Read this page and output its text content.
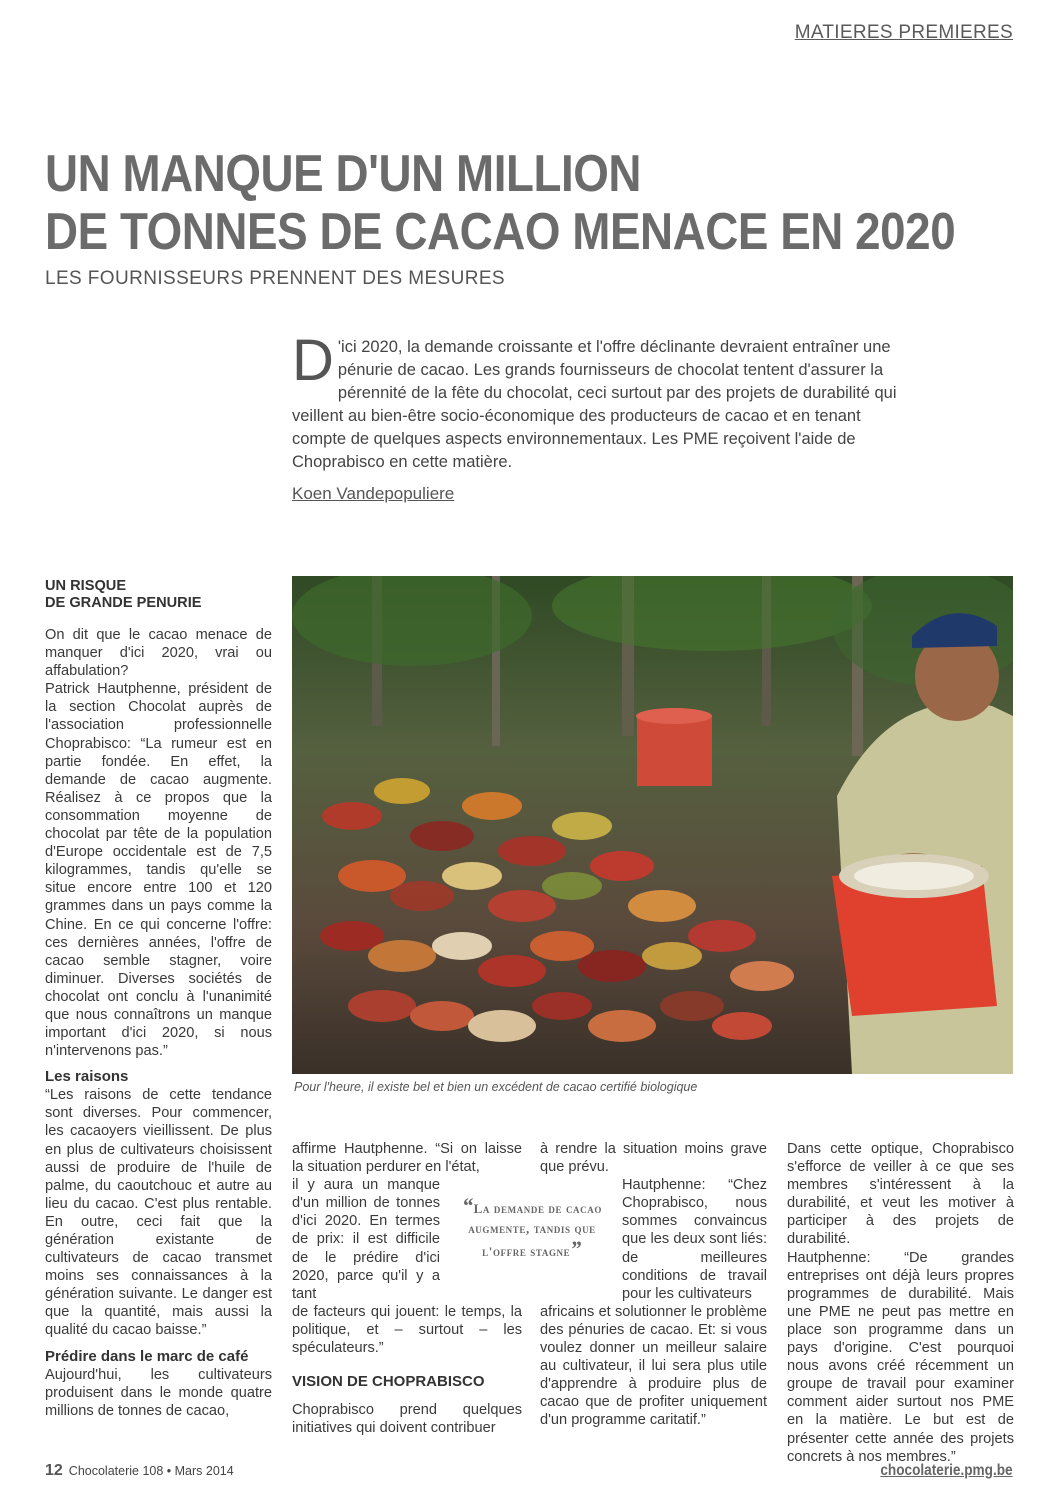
MATIERES PREMIERES
UN MANQUE D'UN MILLION
DE TONNES DE CACAO MENACE EN 2020
LES FOURNISSEURS PRENNENT DES MESURES
D 'ici 2020, la demande croissante et l'offre déclinante devraient entraîner une pénurie de cacao. Les grands fournisseurs de chocolat tentent d'assurer la pérennité de la fête du chocolat, ceci surtout par des projets de durabilité qui veillent au bien-être socio-économique des producteurs de cacao et en tenant compte de quelques aspects environnementaux. Les PME reçoivent l'aide de Choprabisco en cette matière.
Koen Vandepopuliere
UN RISQUE
DE GRANDE PENURIE

On dit que le cacao menace de manquer d'ici 2020, vrai ou affabulation?

Patrick Hautphenne, président de la section Chocolat auprès de l'association professionnelle Choprabisco: “La rumeur est en partie fondée. En effet, la demande de cacao augmente. Réalisez à ce propos que la consommation moyenne de chocolat par tête de la population d'Europe occidentale est de 7,5 kilogrammes, tandis qu'elle se situe encore entre 100 et 120 grammes dans un pays comme la Chine. En ce qui concerne l'offre: ces dernières années, l'offre de cacao semble stagner, voire diminuer. Diverses sociétés de chocolat ont conclu à l'unanimité que nous connaîtrons un manque important d'ici 2020, si nous n'intervenons pas.”

Les raisons

“Les raisons de cette tendance sont diverses. Pour commencer, les cacaoyers vieillissent. De plus en plus de cultivateurs choisissent aussi de produire de l'huile de palme, du caoutchouc et autre au lieu du cacao. C'est plus rentable. En outre, ceci fait que la génération existante de cultivateurs de cacao transmet moins ses connaissances à la génération suivante. Le danger est que la quantité, mais aussi la qualité du cacao baisse.”

Prédire dans le marc de café

Aujourd'hui, les cultivateurs produisent dans le monde quatre millions de tonnes de cacao,

Pour l'heure, il existe bel et bien un excédent de cacao certifié biologique

affirme Hautphenne. “Si on laisse la situation perdurer en l'état,

il y aura un manque d'un million de tonnes d'ici 2020. En termes de prix: il est difficile de le prédire d'ici 2020, parce qu'il y a tant

de facteurs qui jouent: le temps, la politique, et – surtout – les spéculateurs.”

VISION DE CHOPRABISCO

Choprabisco prend quelques initiatives qui doivent contribuer

“La demande de cacao augmente, tandis que l'offre stagne”

à rendre la situation moins grave que prévu.

Hautphenne: “Chez Choprabisco, nous sommes convaincus que les deux sont liés: de meilleures conditions de travail pour les cultivateurs

africains et solutionner le problème des pénuries de cacao. Et: si vous voulez donner un meilleur salaire au cultivateur, il lui sera plus utile d'apprendre à produire plus de cacao que de profiter uniquement d'un programme caritatif.”

Dans cette optique, Choprabisco s'efforce de veiller à ce que ses membres s'intéressent à la durabilité, et veut les motiver à participer à des projets de durabilité.

Hautphenne: “De grandes entreprises ont déjà leurs propres programmes de durabilité. Mais une PME ne peut pas mettre en place son programme dans un pays d'origine. C'est pourquoi nous avons créé récemment un groupe de travail pour examiner comment aider surtout nos PME en la matière. Le but est de présenter cette année des projets concrets à nos membres.”

12 Chocolaterie 108 • Mars 2014	chocolaterie.pmg.be
